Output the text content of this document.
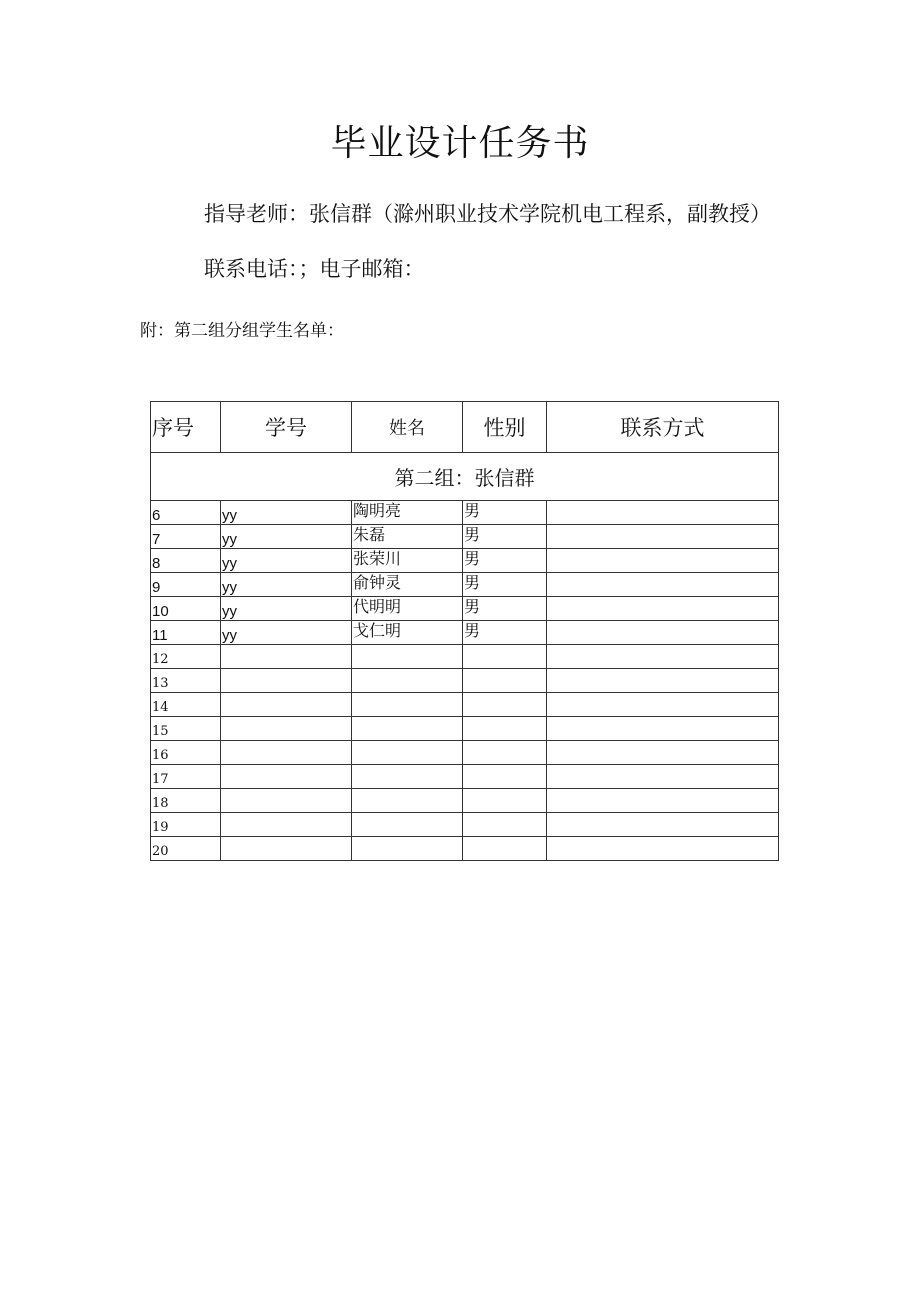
毕业设计任务书

指导老师：张信群（滁州职业技术学院机电工程系，副教授）

联系电话：；电子邮箱：

附：第二组分组学生名单：

序号	学号	姓名	性别	联系方式
第二组：张信群				
6	yy	陶明亮	男	
7	yy	朱磊	男	
8	yy	张荣川	男	
9	yy	俞钟灵	男	
10	yy	代明明	男	
11	yy	戈仁明	男	
12				
13				
14				
15				
16				
17				
18				
19				
20				
